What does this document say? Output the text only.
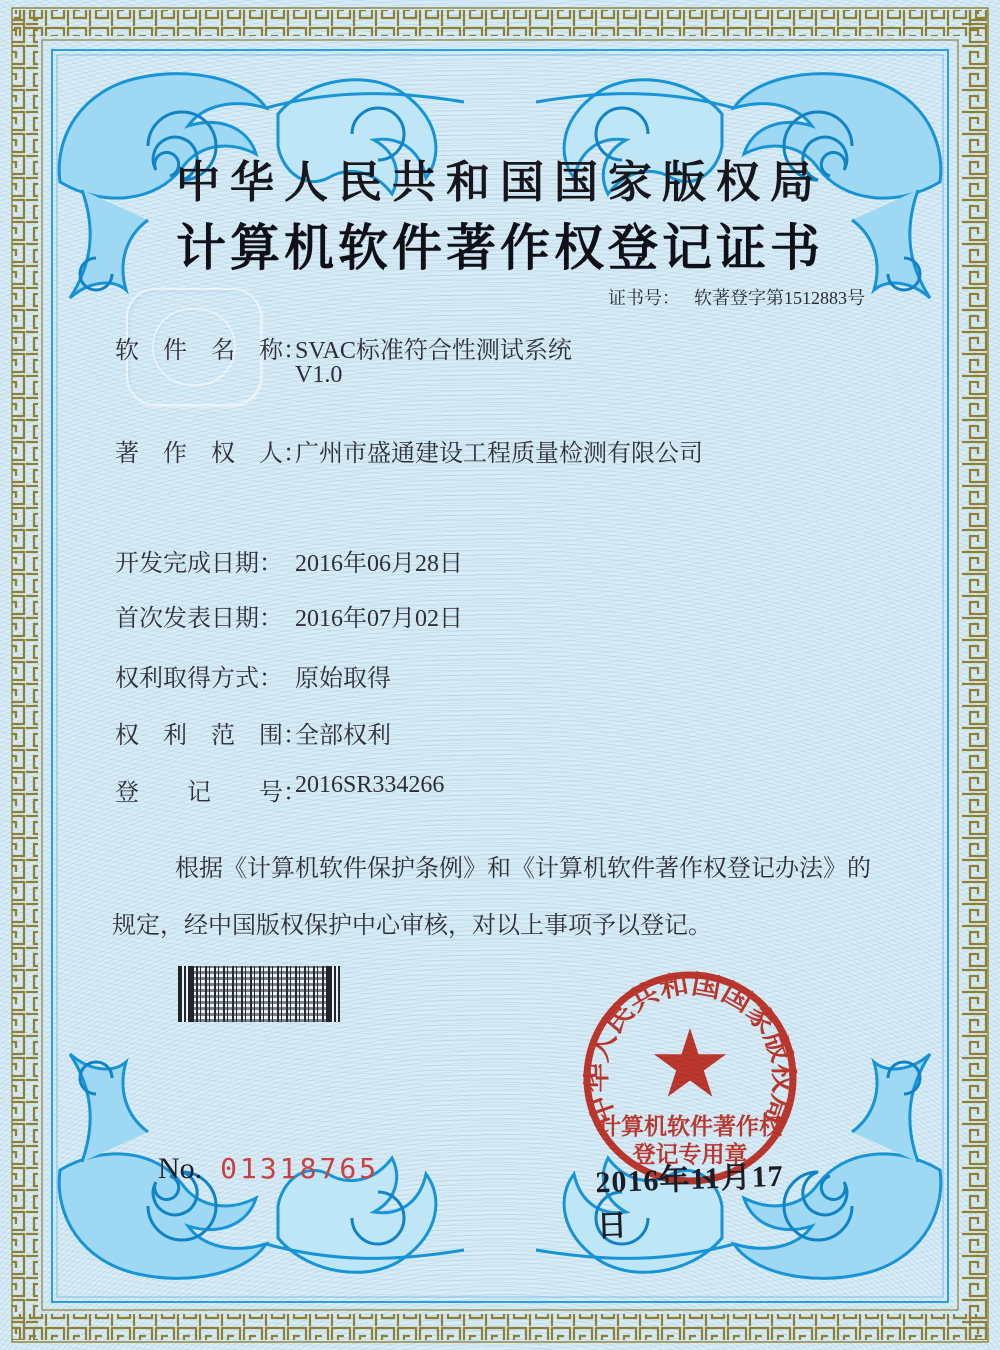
中华人民共和国国家版权局
计算机软件著作权登记证书
证书号： 软著登字第1512883号
软　件　名　称：
SVAC标准符合性测试系统
V1.0
著　作　权　人：
广州市盛通建设工程质量检测有限公司
开发完成日期： 2016年06月28日
首次发表日期： 2016年07月02日
权利取得方式： 原始取得
权　利　范　围：
全部权利
登　　记　　号：
2016SR334266
根据《计算机软件保护条例》和《计算机软件著作权登记办法》的
规定，经中国版权保护中心审核，对以上事项予以登记。
中华人民共和国国家版权局
计算机软件著作权
登记专用章
2016年11月17日
No. 01318765
